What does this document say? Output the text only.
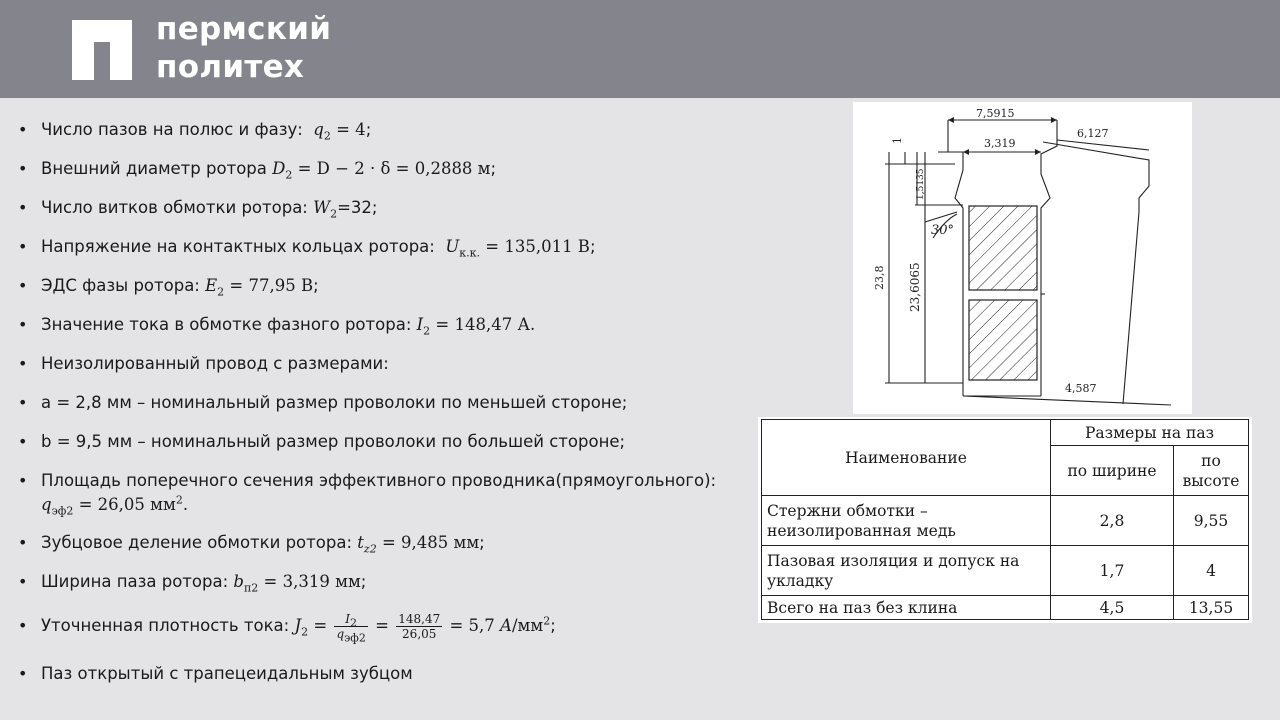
пермский
политех
• Число пазов на полюс и фазу: $q_2 = 4$;
• Внешний диаметр ротора $D_2 = D - 2 \cdot \delta = 0,2888$ м;
• Число витков обмотки ротора: $W_2=32$;
• Напряжение на контактных кольцах ротора: $U_{к.к.} = 135,011$ В;
• ЭДС фазы ротора: $E_2 = 77,95$ В;
• Значение тока в обмотке фазного ротора: $I_2 = 148,47$ А.
• Неизолированный провод с размерами:
• a = 2,8 мм – номинальный размер проволоки по меньшей стороне;
• b = 9,5 мм – номинальный размер проволоки по большей стороне;
• Площадь поперечного сечения эффективного проводника(прямоугольного):
$q_{эф2} = 26,05$ $мм^2$.
• Зубцовое деление обмотки ротора: $t_{z2} = 9,485$ мм;
• Ширина паза ротора: $b_{п2} = 3,319$ мм;
• Уточненная плотность тока: $J_2 = \frac{I_2}{q_{эф2}} = \frac{148,47}{26,05} = 5,7$ $A/мм^2$;
• Паз открытый с трапецеидальным зубцом
7,5915
3,319
6,127
1
1,5135
30°
23,8 23,6065
4,587
Наименование	Размеры на паз	
	по ширине	по
высоте

Стержни обмотки –
неизолированная медь	2,8	9,55

Пазовая изоляция и допуск на
укладку	1,7	4
Всего на паз без клина	4,5	13,55
